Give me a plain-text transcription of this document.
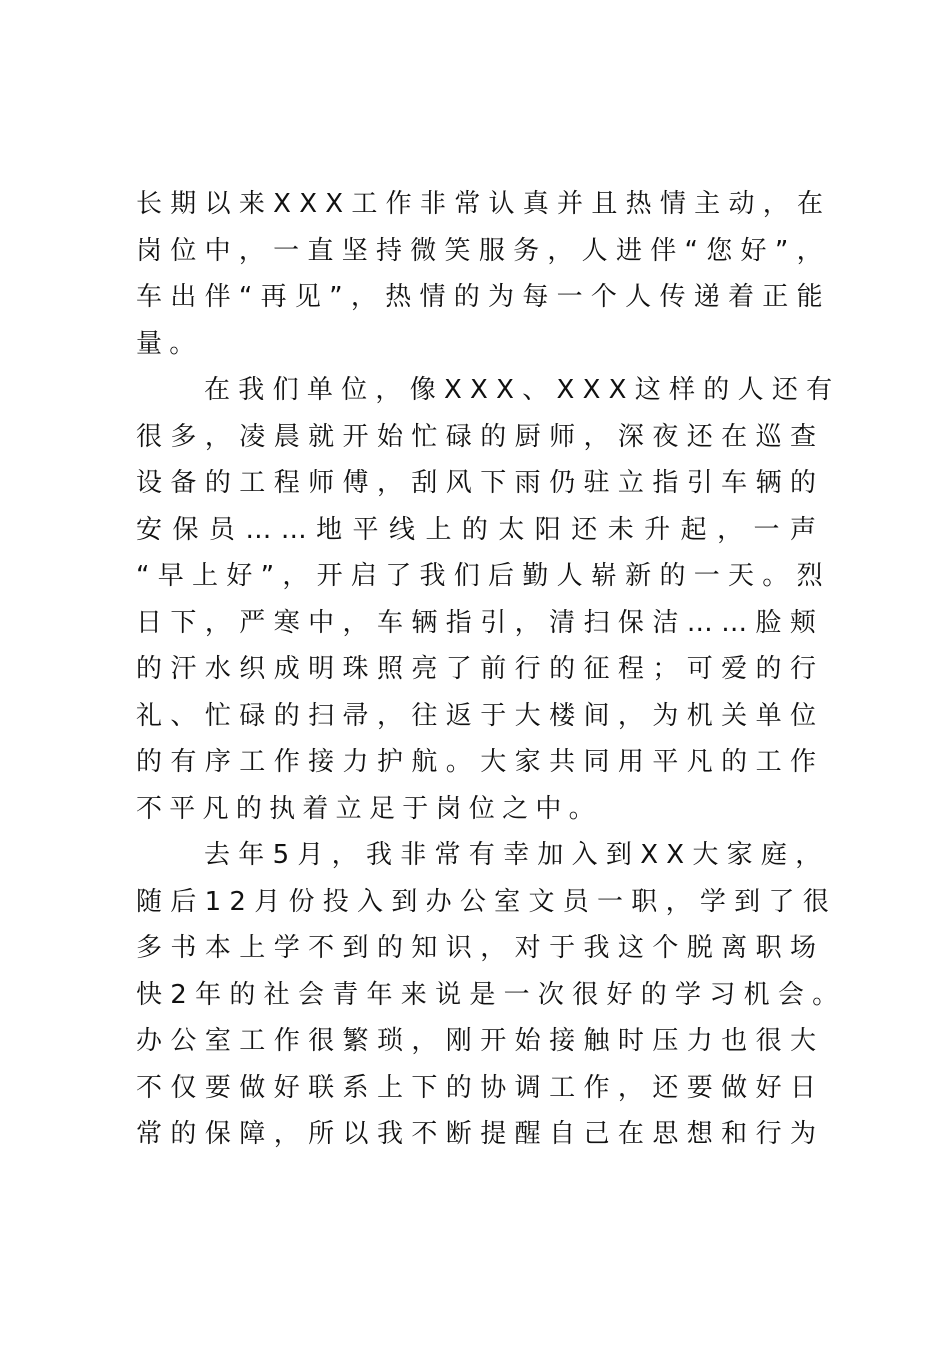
长 期 以 来 X X X 工 作 非 常 认 真 并 且 热 情 主 动 ， 在
岗 位 中 ， 一 直 坚 持 微 笑 服 务 ， 人 进 伴 “ 您 好 ” ，
车 出 伴 “ 再 见 ” ， 热 情 的 为 每 一 个 人 传 递 着 正 能
量。
在 我 们 单 位 ， 像 X X X 、 X X X 这 样 的 人 还 有
很 多 ， 凌 晨 就 开 始 忙 碌 的 厨 师 ， 深 夜 还 在 巡 查
设 备 的 工 程 师 傅 ， 刮 风 下 雨 仍 驻 立 指 引 车 辆 的
安 保 员 … … 地 平 线 上 的 太 阳 还 未 升 起 ， 一 声
“ 早 上 好 ” ， 开 启 了 我 们 后 勤 人 崭 新 的 一 天 。 烈
日 下 ， 严 寒 中 ， 车 辆 指 引 ， 清 扫 保 洁 … … 脸 颊
的 汗 水 织 成 明 珠 照 亮 了 前 行 的 征 程 ； 可 爱 的 行
礼 、 忙 碌 的 扫 帚 ， 往 返 于 大 楼 间 ， 为 机 关 单 位
的 有 序 工 作 接 力 护 航 。 大 家 共 同 用 平 凡 的 工 作
不平凡的执着立足于岗位之中。
去 年 5 月 ， 我 非 常 有 幸 加 入 到 X X 大 家 庭 ，
随 后 1 2 月 份 投 入 到 办 公 室 文 员 一 职 ， 学 到 了 很
多 书 本 上 学 不 到 的 知 识 ， 对 于 我 这 个 脱 离 职 场
快 2 年 的 社 会 青 年 来 说 是 一 次 很 好 的 学 习 机 会 。
办 公 室 工 作 很 繁 琐 ， 刚 开 始 接 触 时 压 力 也 很 大
不 仅 要 做 好 联 系 上 下 的 协 调 工 作 ， 还 要 做 好 日
常 的 保 障 ， 所 以 我 不 断 提 醒 自 己 在 思 想 和 行 为
